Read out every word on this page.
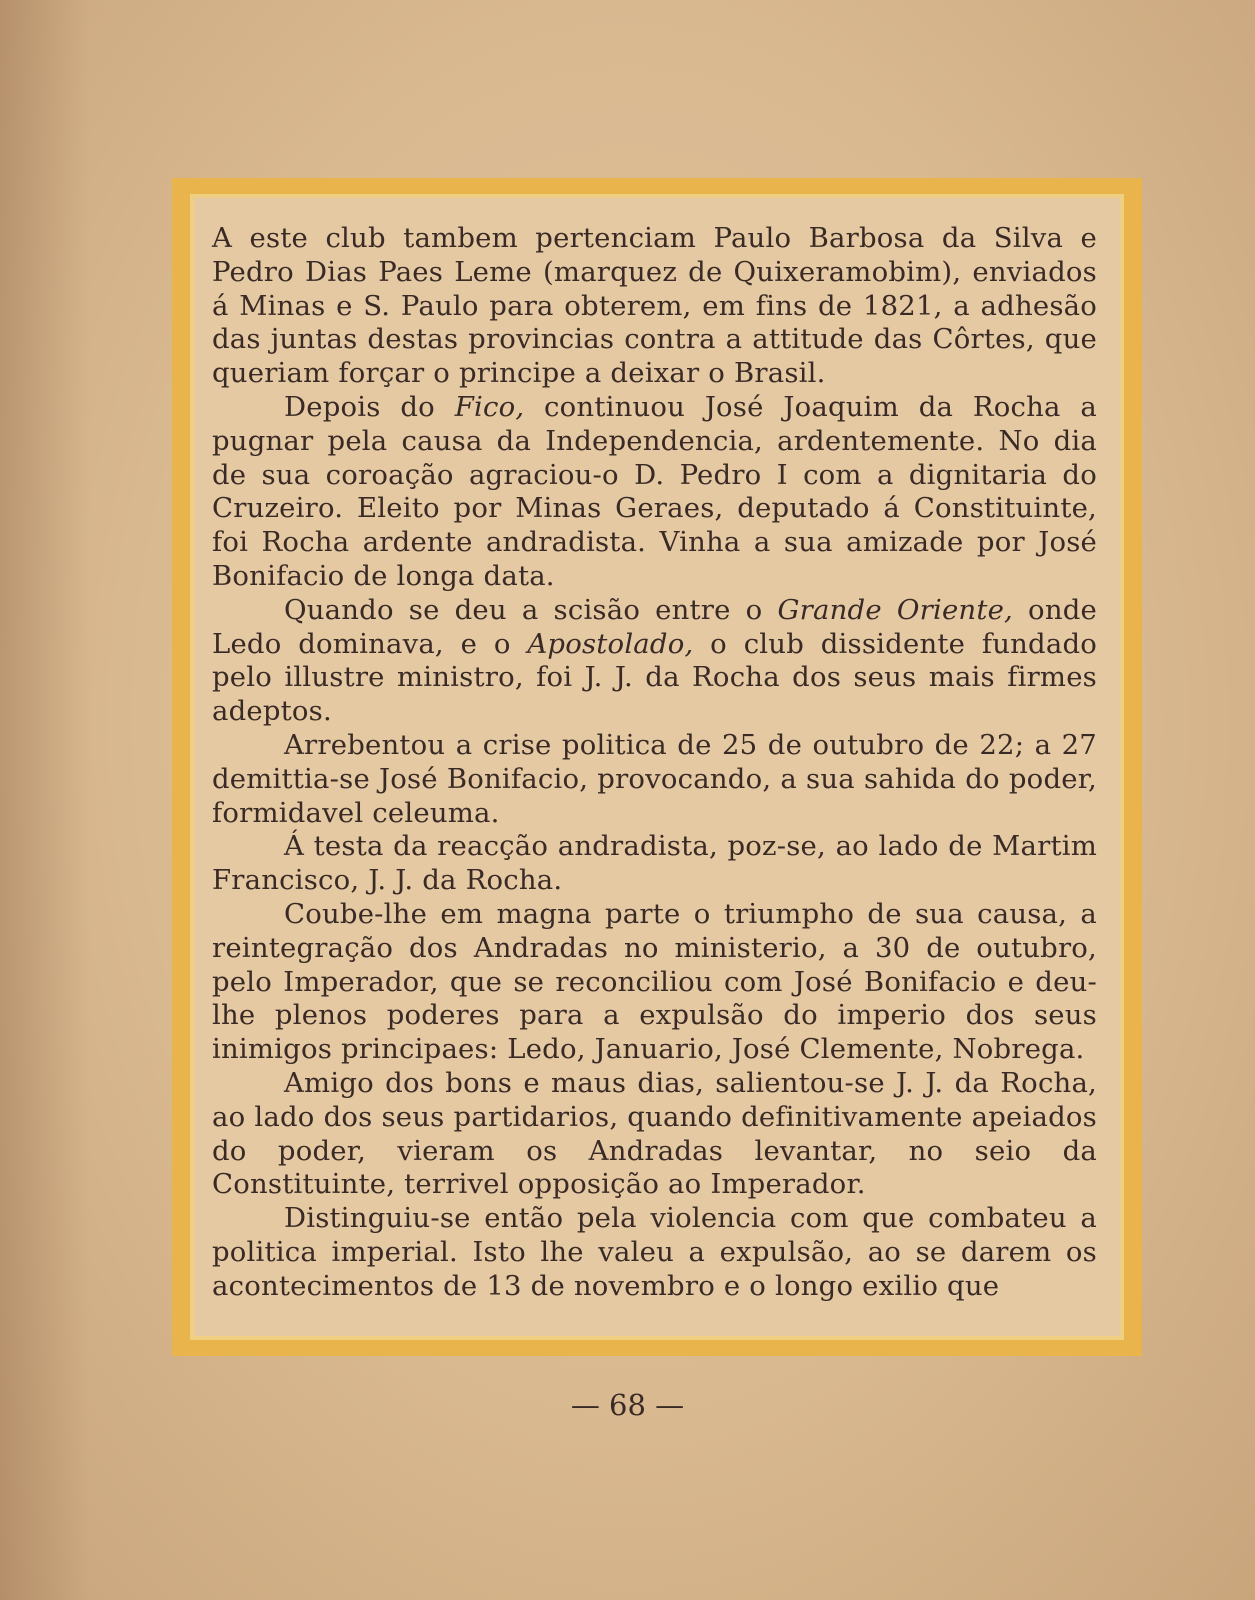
A este club tambem pertenciam Paulo Barbosa da Silva e Pedro Dias Paes Leme (marquez de Quixeramobim), enviados á Minas e S. Paulo para obterem, em fins de 1821, a adhesão das juntas destas provincias contra a attitude das Côrtes, que queriam forçar o principe a deixar o Brasil.

Depois do Fico, continuou José Joaquim da Rocha a pugnar pela causa da Independencia, ardentemente. No dia de sua coroação agraciou-o D. Pedro I com a dignitaria do Cruzeiro. Eleito por Minas Geraes, deputado á Constituinte, foi Rocha ardente andradista. Vinha a sua amizade por José Bonifacio de longa data.

Quando se deu a scisão entre o Grande Oriente, onde Ledo dominava, e o Apostolado, o club dissidente fundado pelo illustre ministro, foi J. J. da Rocha dos seus mais firmes adeptos.

Arrebentou a crise politica de 25 de outubro de 22; a 27 demittia-se José Bonifacio, provocando, a sua sahida do poder, formidavel celeuma.

Á testa da reacção andradista, poz-se, ao lado de Martim Francisco, J. J. da Rocha.

Coube-lhe em magna parte o triumpho de sua causa, a reintegração dos Andradas no ministerio, a 30 de outubro, pelo Imperador, que se reconciliou com José Bonifacio e deu-lhe plenos poderes para a expulsão do imperio dos seus inimigos principaes: Ledo, Januario, José Clemente, Nobrega.

Amigo dos bons e maus dias, salientou-se J. J. da Rocha, ao lado dos seus partidarios, quando definitivamente apeiados do poder, vieram os Andradas levantar, no seio da Constituinte, terrivel opposição ao Imperador.

Distinguiu-se então pela violencia com que combateu a politica imperial. Isto lhe valeu a expulsão, ao se darem os acontecimentos de 13 de novembro e o longo exilio que

— 68 —
